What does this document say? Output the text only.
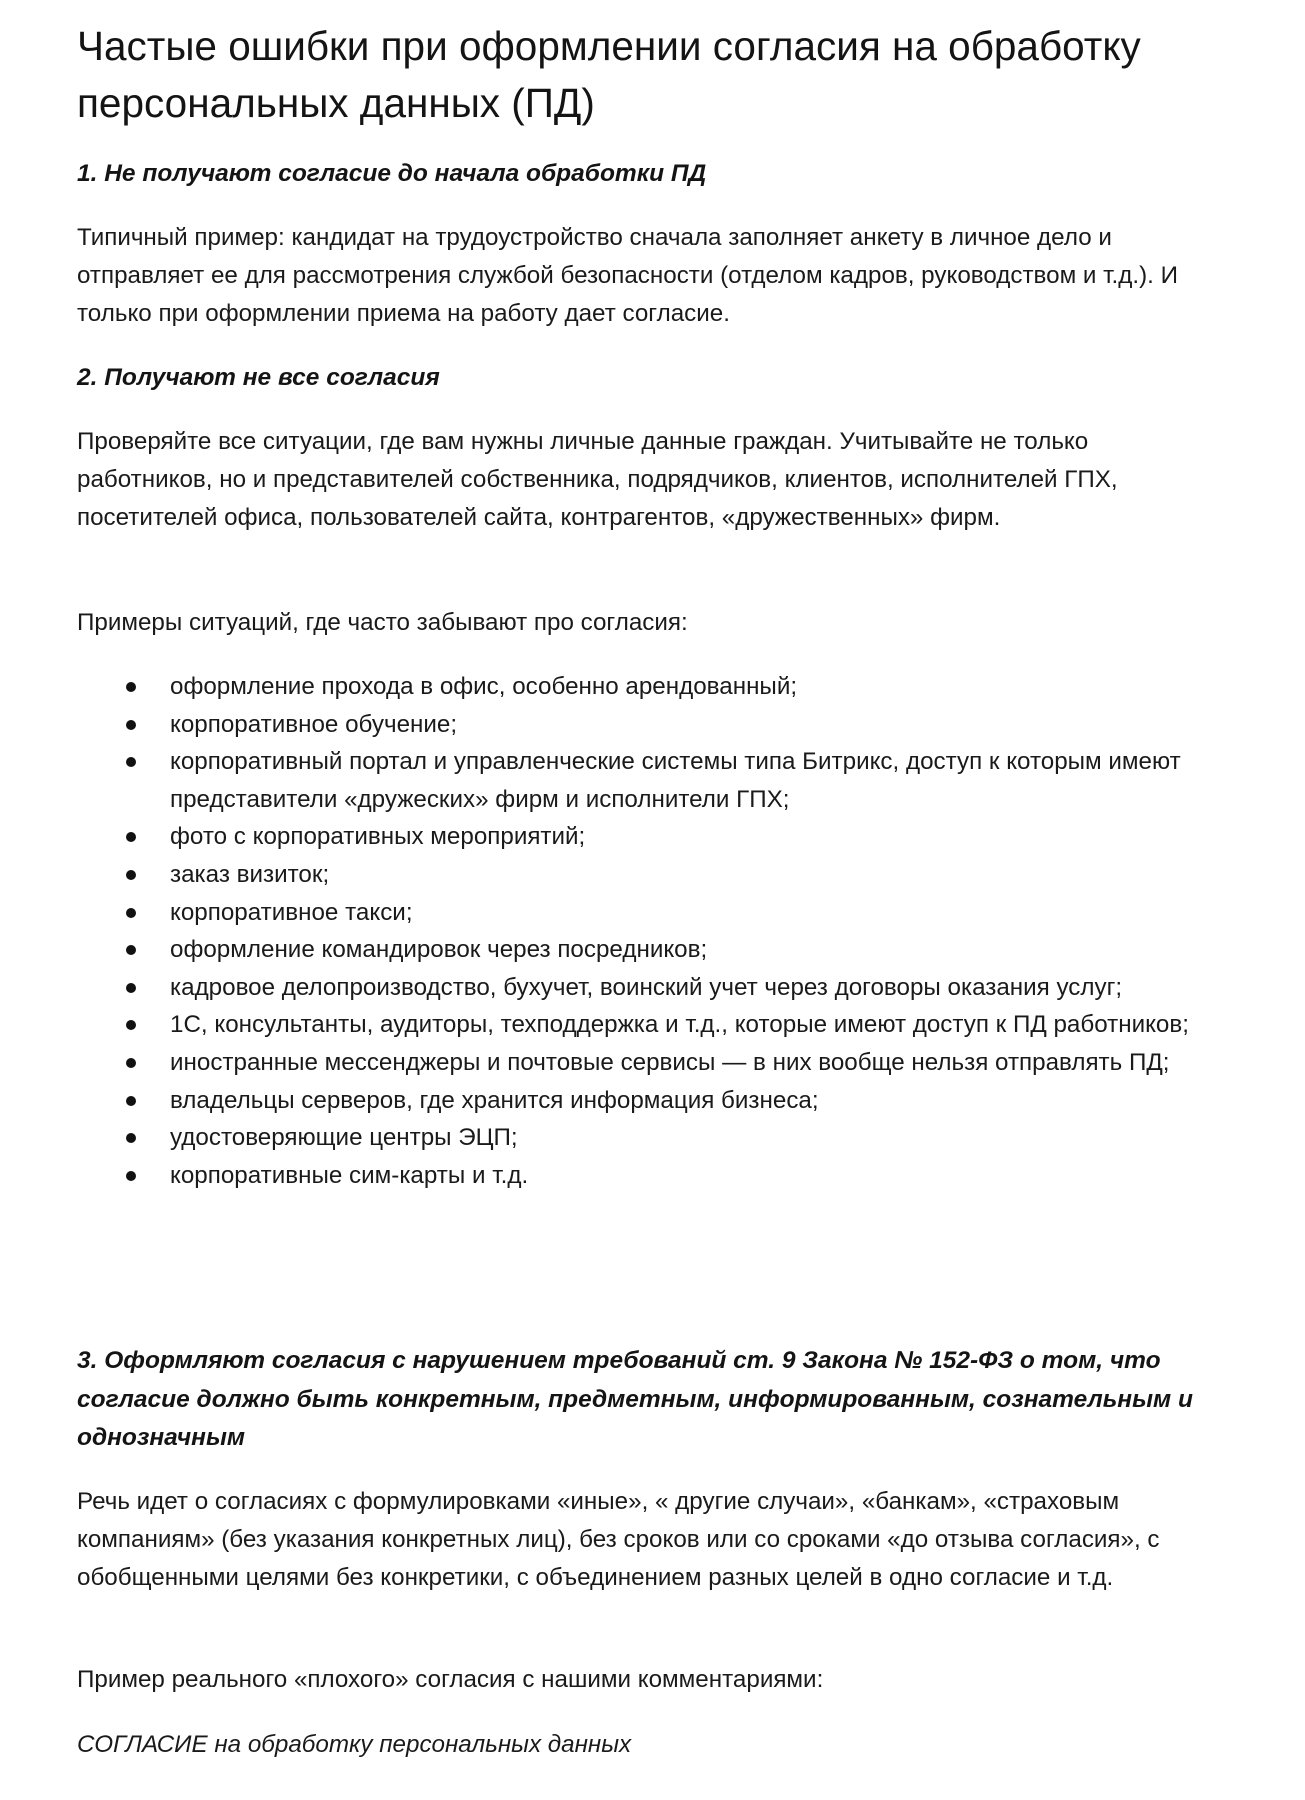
Частые ошибки при оформлении согласия на обработку персональных данных (ПД)
1. Не получают согласие до начала обработки ПД

Типичный пример: кандидат на трудоустройство сначала заполняет анкету в личное дело и отправляет ее для рассмотрения службой безопасности (отделом кадров, руководством и т.д.). И только при оформлении приема на работу дает согласие.

2. Получают не все согласия

Проверяйте все ситуации, где вам нужны личные данные граждан. Учитывайте не только работников, но и представителей собственника, подрядчиков, клиентов, исполнителей ГПХ, посетителей офиса, пользователей сайта, контрагентов, «дружественных» фирм.

Примеры ситуаций, где часто забывают про согласия:

оформление прохода в офис, особенно арендованный;
корпоративное обучение;
корпоративный портал и управленческие системы типа Битрикс, доступ к которым имеют представители «дружеских» фирм и исполнители ГПХ;
фото с корпоративных мероприятий;
заказ визиток;
корпоративное такси;
оформление командировок через посредников;
кадровое делопроизводство, бухучет, воинский учет через договоры оказания услуг;
1С, консультанты, аудиторы, техподдержка и т.д., которые имеют доступ к ПД работников;
иностранные мессенджеры и почтовые сервисы — в них вообще нельзя отправлять ПД;
владельцы серверов, где хранится информация бизнеса;
удостоверяющие центры ЭЦП;
корпоративные сим-карты и т.д.
3. Оформляют согласия с нарушением требований ст. 9 Закона № 152-ФЗ о том, что согласие должно быть конкретным, предметным, информированным, сознательным и однозначным

Речь идет о согласиях с формулировками «иные», « другие случаи», «банкам», «страховым компаниям» (без указания конкретных лиц), без сроков или со сроками «до отзыва согласия», с обобщенными целями без конкретики, с объединением разных целей в одно согласие и т.д.

Пример реального «плохого» согласия с нашими комментариями:

СОГЛАСИЕ на обработку персональных данных
